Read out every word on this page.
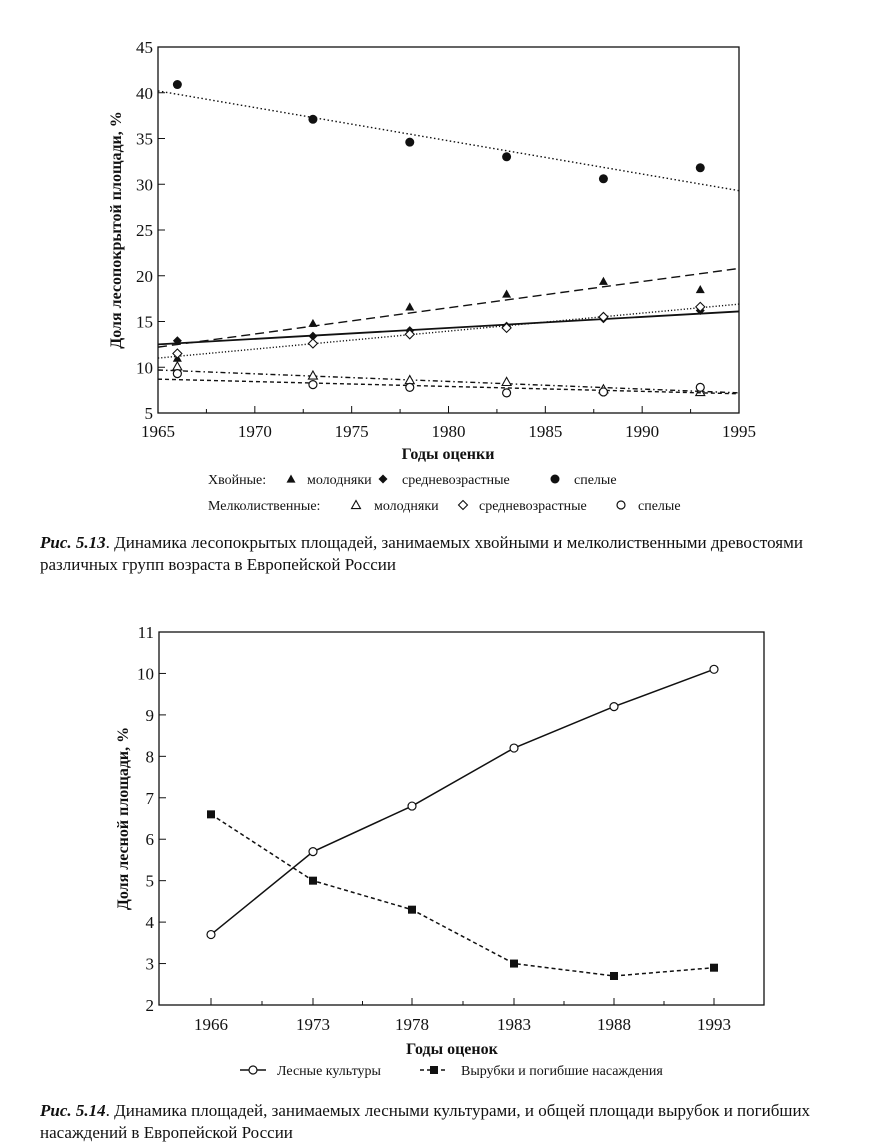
5
10
15
20
25
30
35
40
45
1965	1970	1975	1980	1985	1990	1995
Годы оценки
Доля лесопокрытой площади, %
Хвойные:	молодняки средневозрастные	спелые
Мелколиственные:	молодняки	средневозрастные	спелые
2
3
4
5
6
7
8
9
10
11
1966	1973	1978	1983	1988	1993
Годы оценок
Доля лесной площади, %
Лесные культуры	Вырубки и погибшие насаждения
Рис. 5.13. Динамика лесопокрытых площадей, занимаемых хвойными и мелколиственными древостоями различных групп возраста в Европейской России
Рис. 5.14. Динамика площадей, занимаемых лесными культурами, и общей площади вырубок и погибших насаждений в Европейской России
